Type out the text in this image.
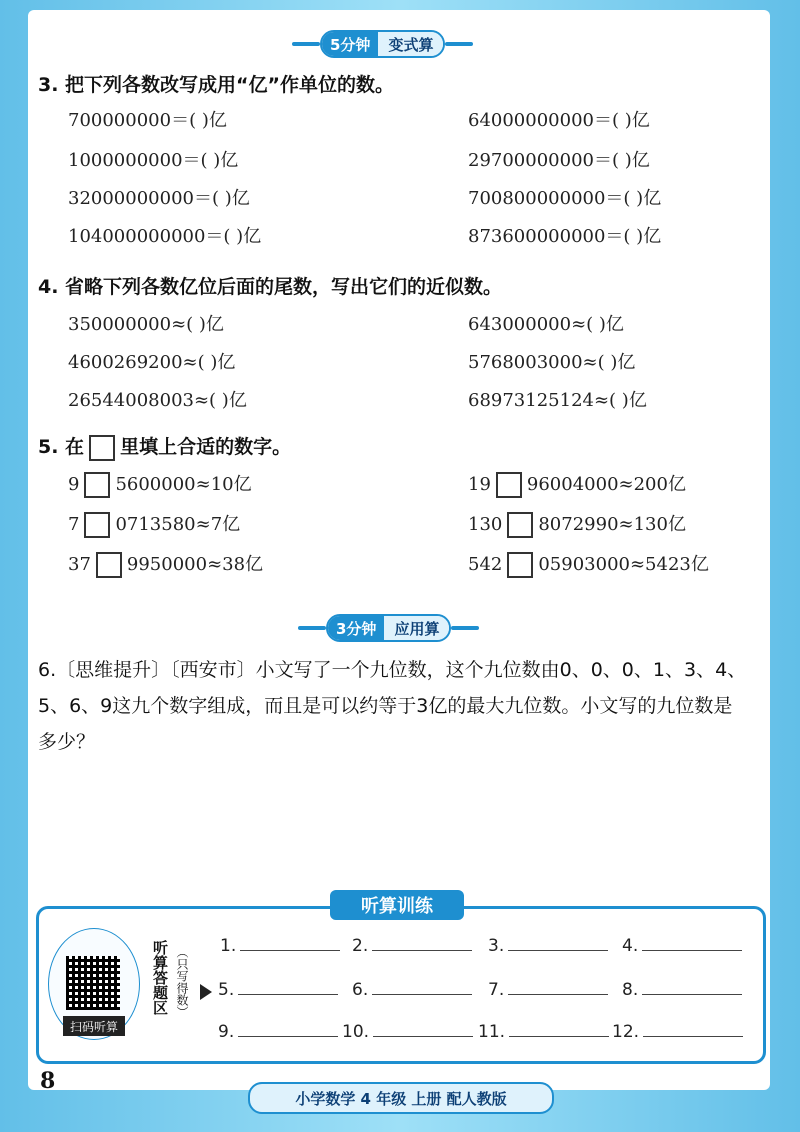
5分钟	变式算
3. 把下列各数改写成用“亿”作单位的数。
700000000＝( )亿	64000000000＝( )亿
1000000000＝( )亿	29700000000＝( )亿
32000000000＝( )亿	700800000000＝( )亿
104000000000＝( )亿	873600000000＝( )亿
4. 省略下列各数亿位后面的尾数，写出它们的近似数。
350000000≈( )亿	643000000≈( )亿
4600269200≈( )亿	5768003000≈( )亿
26544008003≈( )亿	68973125124≈( )亿
5. 在 里填上合适的数字。
9 5600000≈10亿	19 96004000≈200亿
7 0713580≈7亿	130 8072990≈130亿
37 9950000≈38亿	542 05903000≈5423亿
3分钟	应用算
6.〔思维提升〕〔西安市〕小文写了一个九位数，这个九位数由0、0、0、1、3、4、5、6、9这九个数字组成，而且是可以约等于3亿的最大九位数。小文写的九位数是多少？
听算训练
扫码听算
听算答题区 （只写得数） 1.	2.	3.	4.
5.	6.	7.	8.
9.	10.	11.	12.
8
小学数学 4 年级 上册 配人教版
